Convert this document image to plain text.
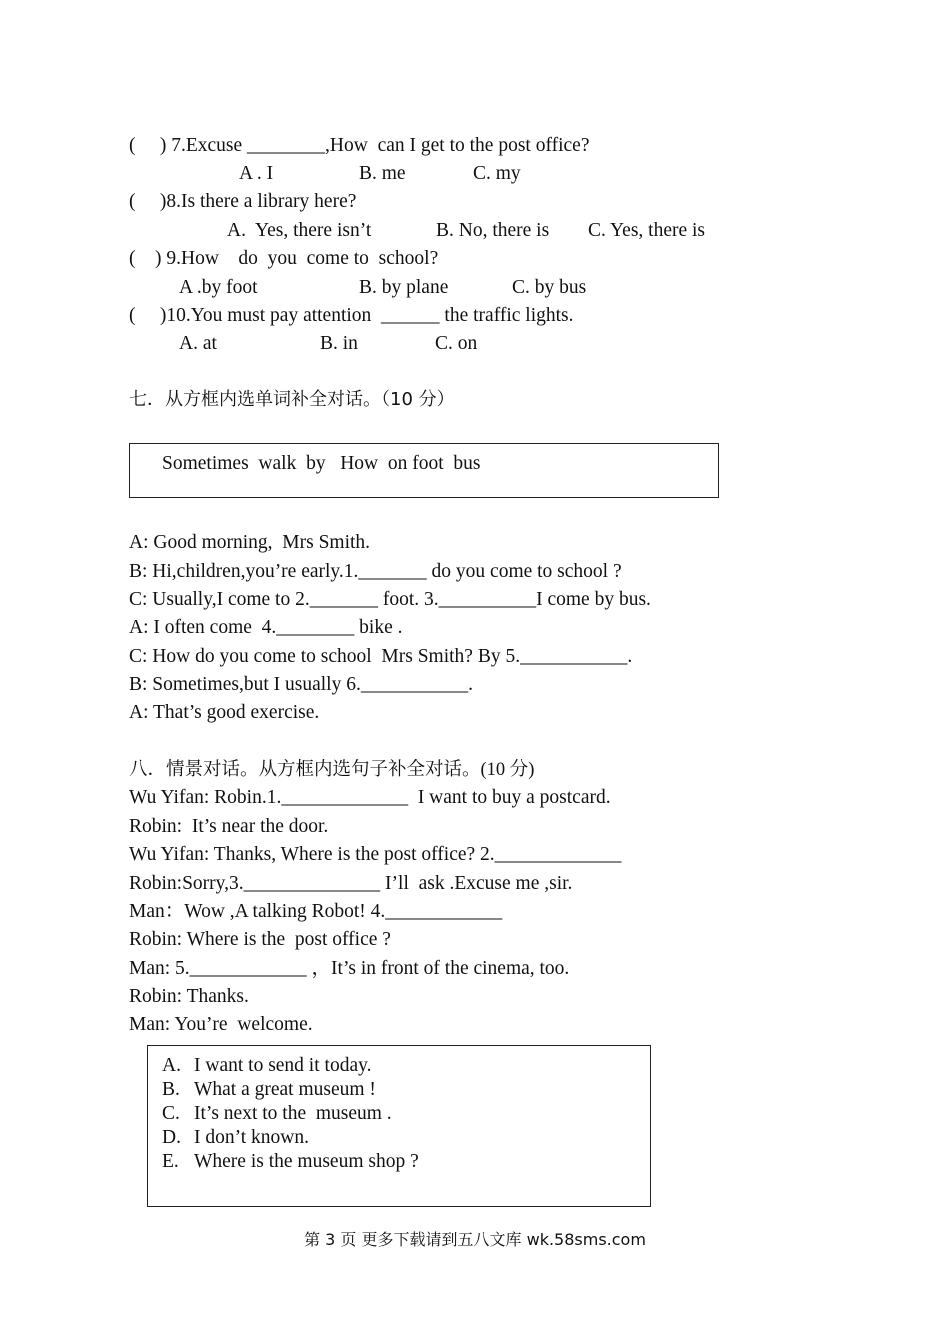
(     ) 7.Excuse ________,How  can I get to the post office?
A . I	B. me	C. my
(     )8.Is there a library here?
A.  Yes, there isn’t	B. No, there is C. Yes, there is
(    ) 9.How    do  you  come to  school?
A .by foot	B. by plane	C. by bus
(     )10.You must pay attention  ______ the traffic lights.
A. at	B. in	C. on
七．从方框内选单词补全对话。（10 分）
Sometimes  walk  by   How  on foot  bus
A: Good morning,  Mrs Smith.
B: Hi,children,you’re early.1._______ do you come to school ?
C: Usually,I come to 2._______ foot. 3.__________I come by bus.
A: I often come  4.________ bike .
C: How do you come to school  Mrs Smith? By 5.___________.
B: Sometimes,but I usually 6.___________.
A: That’s good exercise.
八．情景对话。从方框内选句子补全对话。(10 分)
Wu Yifan: Robin.1._____________  I want to buy a postcard.
Robin:  It’s near the door.
Wu Yifan: Thanks, Where is the post office? 2._____________
Robin:Sorry,3.______________ I’ll  ask .Excuse me ,sir.
Man：Wow ,A talking Robot! 4.____________
Robin: Where is the  post office ?
Man: 5.____________ ，It’s in front of the cinema, too.
Robin: Thanks.
Man: You’re  welcome.
A. I want to send it today.
B. What a great museum !
C. It’s next to the  museum .
D. I don’t known.
E. Where is the museum shop ?
第 3 页 更多下载请到五八文库 wk.58sms.com
